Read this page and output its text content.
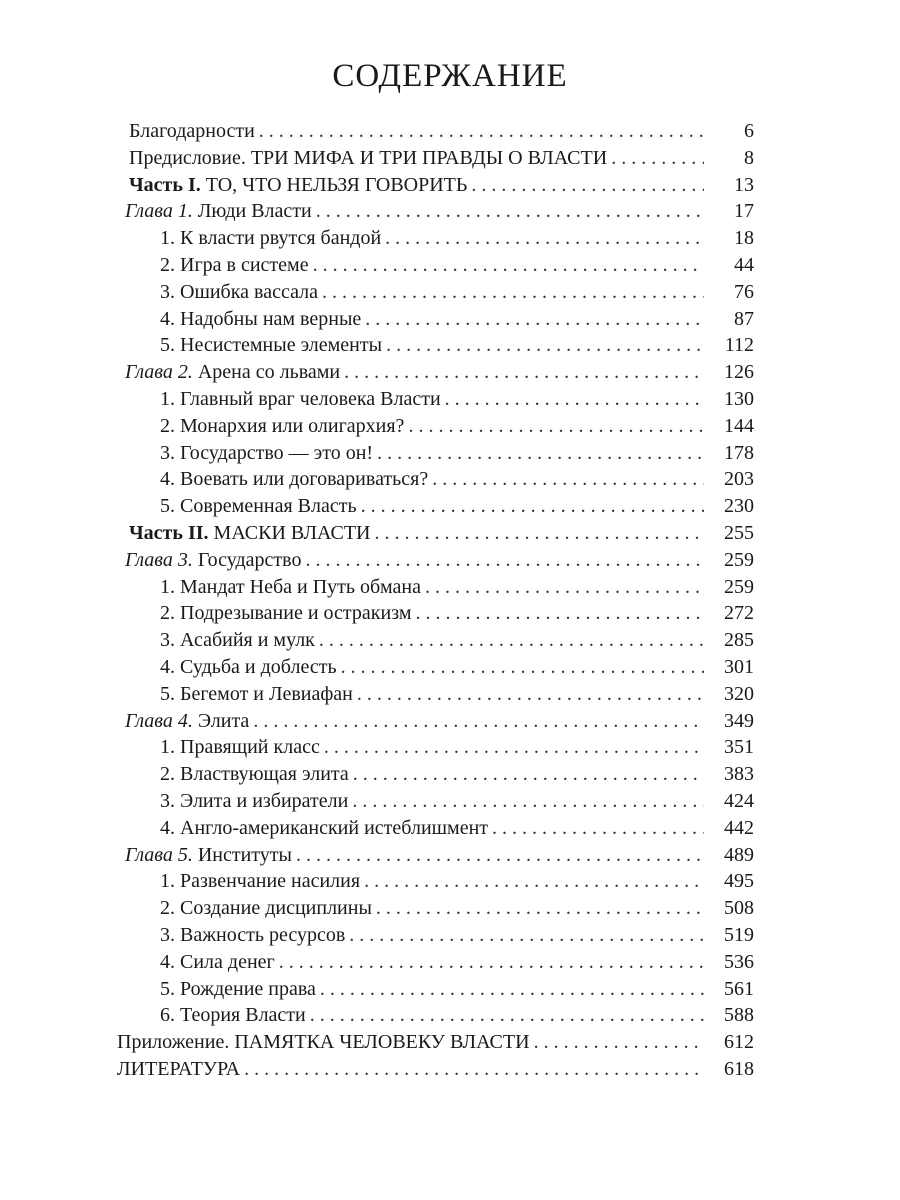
СОДЕРЖАНИЕ
Благодарности . . .	6
Предисловие. ТРИ МИФА И ТРИ ПРАВДЫ О ВЛАСТИ . . .	8
Часть I. ТО, ЧТО НЕЛЬЗЯ ГОВОРИТЬ . . .	13
Глава 1. Люди Власти . . .	17
1. К власти рвутся бандой . . .	18
2. Игра в системе . . .	44
3. Ошибка вассала . . .	76
4. Надобны нам верные . . .	87
5. Несистемные элементы . . .	112
Глава 2. Арена со львами . . .	126
1. Главный враг человека Власти . . .	130
2. Монархия или олигархия? . . .	144
3. Государство — это он! . . .	178
4. Воевать или договариваться? . . .	203
5. Современная Власть . . .	230
Часть II. МАСКИ ВЛАСТИ . . .	255
Глава 3. Государство . . .	259
1. Мандат Неба и Путь обмана . . .	259
2. Подрезывание и остракизм . . .	272
3. Асабийя и мулк . . .	285
4. Судьба и доблесть . . .	301
5. Бегемот и Левиафан . . .	320
Глава 4. Элита . . .	349
1. Правящий класс . . .	351
2. Властвующая элита . . .	383
3. Элита и избиратели . . .	424
4. Англо-американский истеблишмент . . .	442
Глава 5. Институты . . .	489
1. Развенчание насилия . . .	495
2. Создание дисциплины . . .	508
3. Важность ресурсов . . .	519
4. Сила денег . . .	536
5. Рождение права . . .	561
6. Теория Власти . . .	588
Приложение. ПАМЯТКА ЧЕЛОВЕКУ ВЛАСТИ . . .	612
ЛИТЕРАТУРА . . .	618
